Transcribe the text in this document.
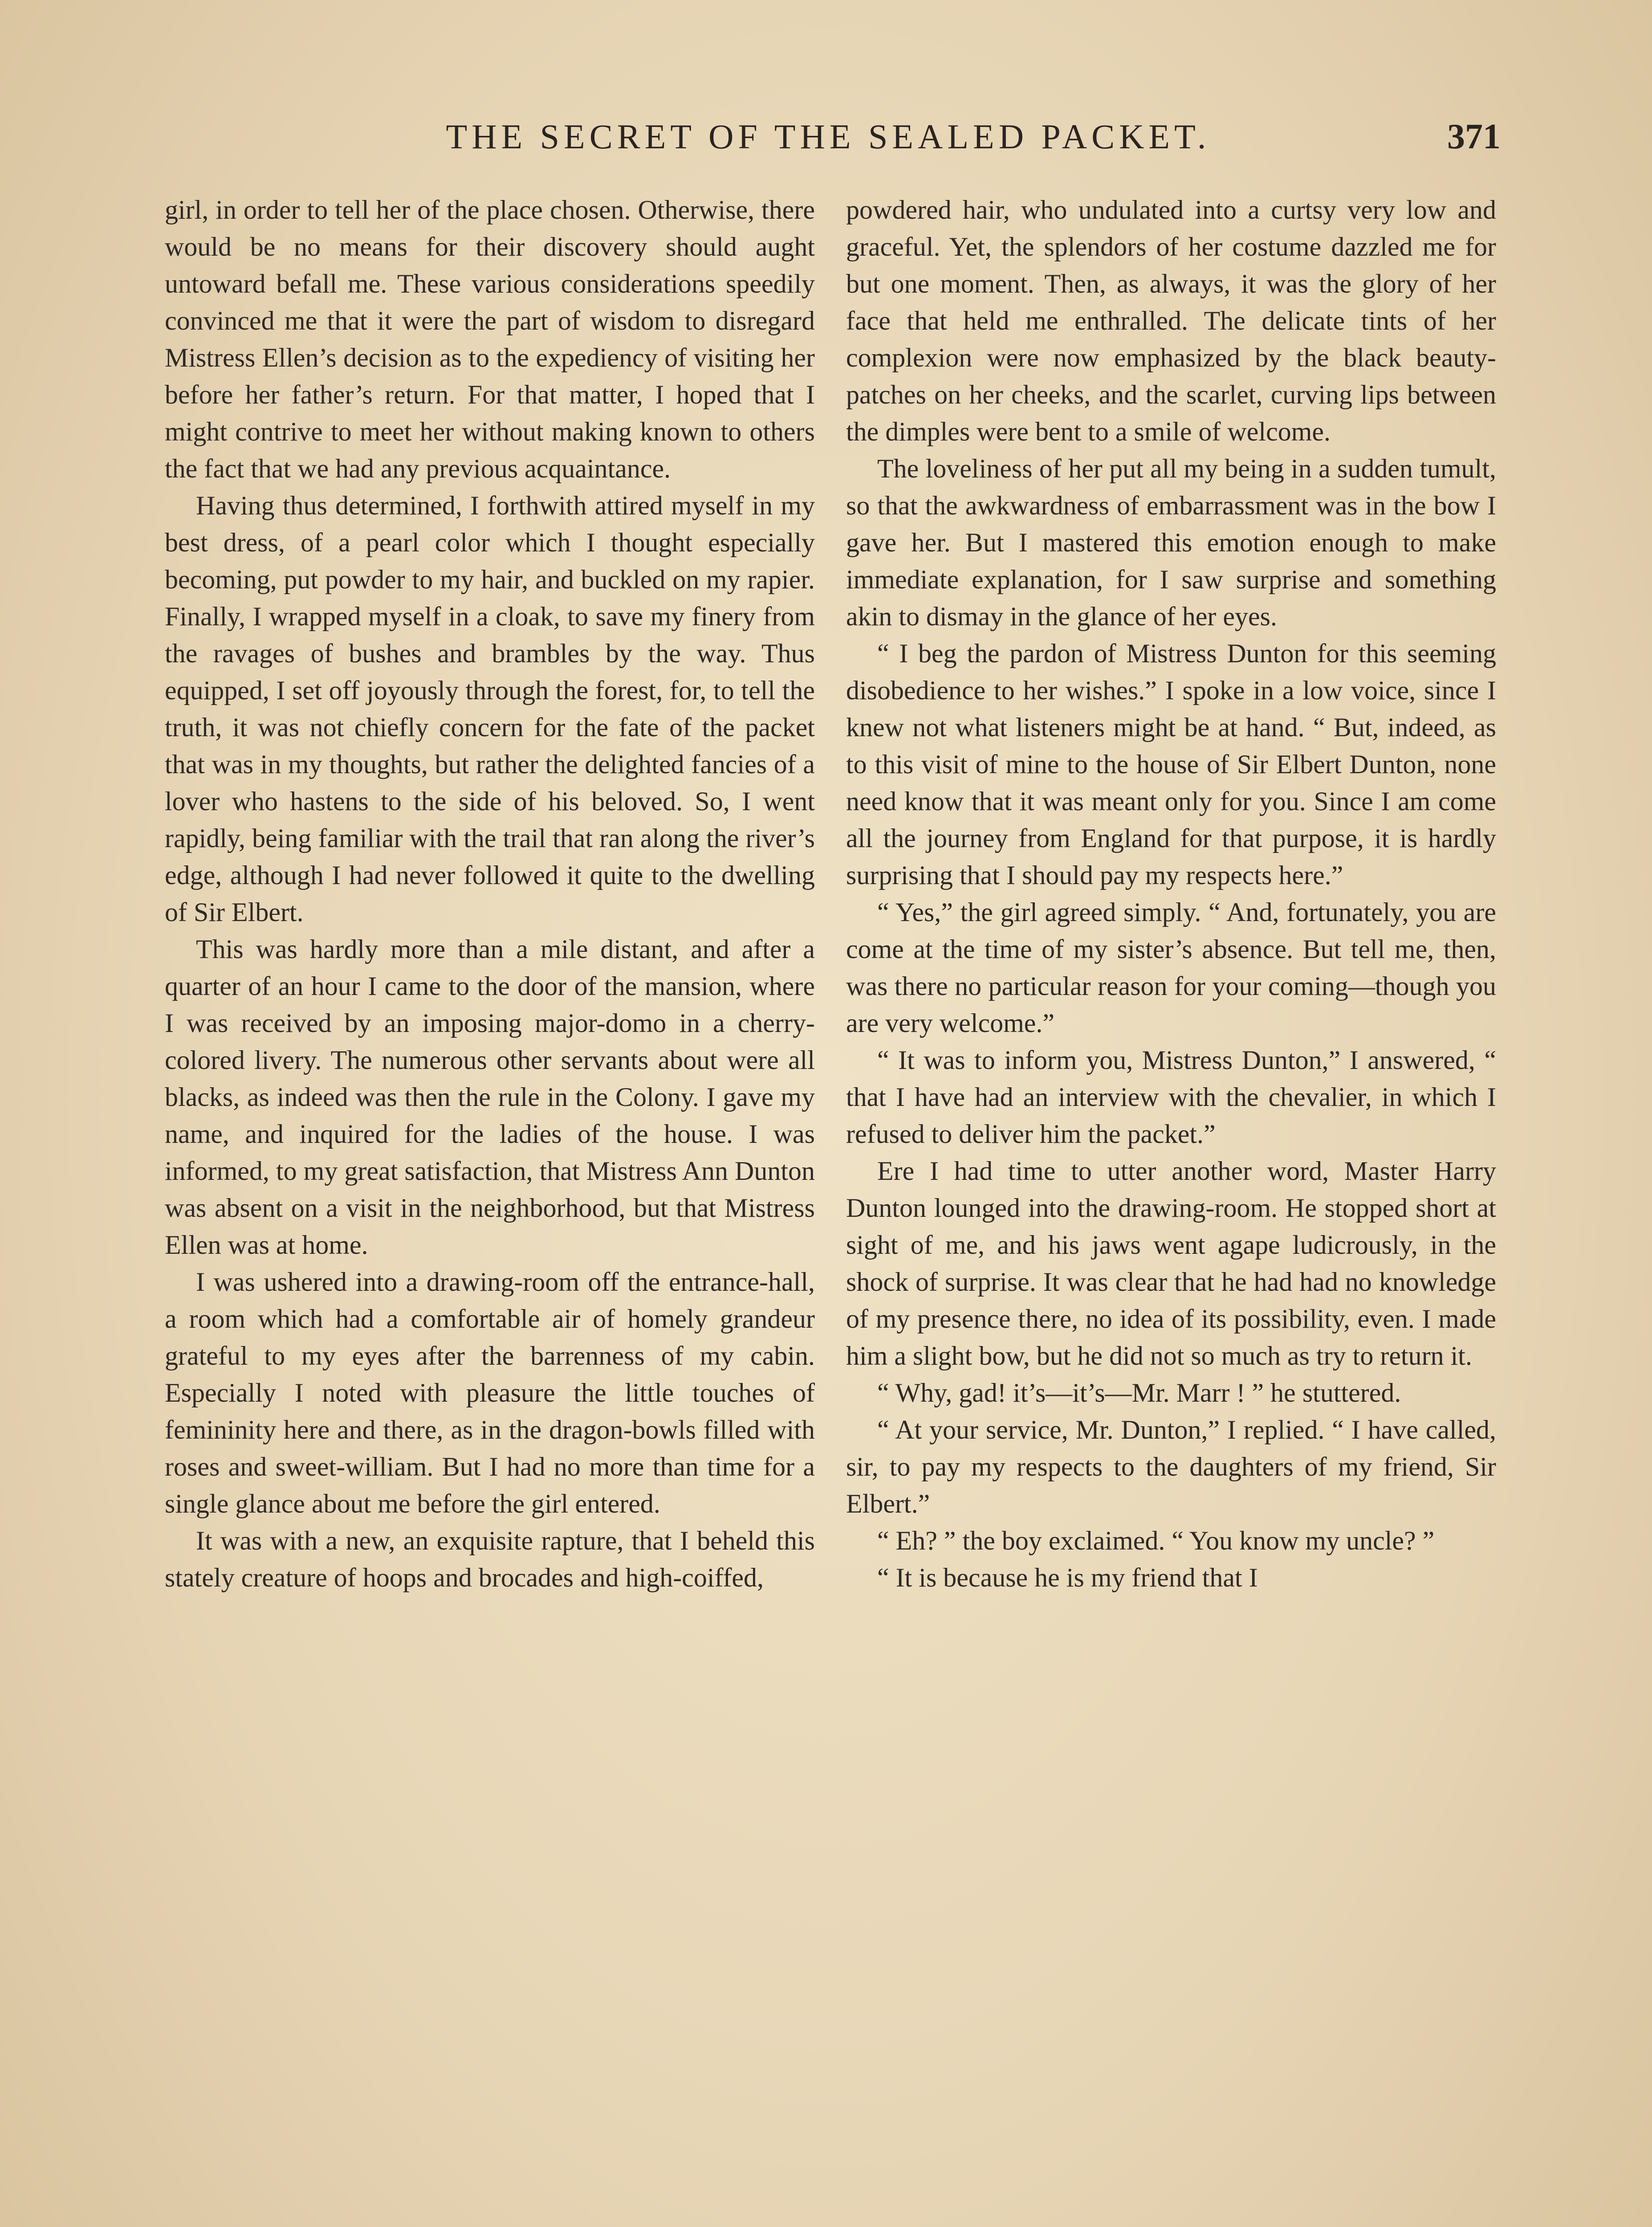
THE SECRET OF THE SEALED PACKET.	371

girl, in order to tell her of the place chosen. Otherwise, there would be no means for their discovery should aught untoward befall me. These various considerations speedily convinced me that it were the part of wisdom to disregard Mistress Ellen’s decision as to the expediency of visiting her before her father’s return. For that matter, I hoped that I might contrive to meet her without making known to others the fact that we had any previous acquaintance.

Having thus determined, I forthwith attired myself in my best dress, of a pearl color which I thought especially becoming, put powder to my hair, and buckled on my rapier. Finally, I wrapped myself in a cloak, to save my finery from the ravages of bushes and brambles by the way. Thus equipped, I set off joyously through the forest, for, to tell the truth, it was not chiefly concern for the fate of the packet that was in my thoughts, but rather the delighted fancies of a lover who hastens to the side of his beloved. So, I went rapidly, being familiar with the trail that ran along the river’s edge, although I had never followed it quite to the dwelling of Sir Elbert.

This was hardly more than a mile distant, and after a quarter of an hour I came to the door of the mansion, where I was received by an imposing major-domo in a cherry-colored livery. The numerous other servants about were all blacks, as indeed was then the rule in the Colony. I gave my name, and inquired for the ladies of the house. I was informed, to my great satisfaction, that Mistress Ann Dunton was absent on a visit in the neighborhood, but that Mistress Ellen was at home.

I was ushered into a drawing-room off the entrance-hall, a room which had a comfortable air of homely grandeur grateful to my eyes after the barrenness of my cabin. Especially I noted with pleasure the little touches of femininity here and there, as in the dragon-bowls filled with roses and sweet-william. But I had no more than time for a single glance about me before the girl entered.

It was with a new, an exquisite rapture, that I beheld this stately creature of hoops and brocades and high-coiffed,

powdered hair, who undulated into a curtsy very low and graceful. Yet, the splendors of her costume dazzled me for but one moment. Then, as always, it was the glory of her face that held me enthralled. The delicate tints of her complexion were now emphasized by the black beauty-patches on her cheeks, and the scarlet, curving lips between the dimples were bent to a smile of welcome.

The loveliness of her put all my being in a sudden tumult, so that the awkwardness of embarrassment was in the bow I gave her. But I mastered this emotion enough to make immediate explanation, for I saw surprise and something akin to dismay in the glance of her eyes.

“ I beg the pardon of Mistress Dunton for this seeming disobedience to her wishes.” I spoke in a low voice, since I knew not what listeners might be at hand. “ But, indeed, as to this visit of mine to the house of Sir Elbert Dunton, none need know that it was meant only for you. Since I am come all the journey from England for that purpose, it is hardly surprising that I should pay my respects here.”

“ Yes,” the girl agreed simply. “ And, fortunately, you are come at the time of my sister’s absence. But tell me, then, was there no particular reason for your coming—though you are very welcome.”

“ It was to inform you, Mistress Dunton,” I answered, “ that I have had an interview with the chevalier, in which I refused to deliver him the packet.”

Ere I had time to utter another word, Master Harry Dunton lounged into the drawing-room. He stopped short at sight of me, and his jaws went agape ludicrously, in the shock of surprise. It was clear that he had had no knowledge of my presence there, no idea of its possibility, even. I made him a slight bow, but he did not so much as try to return it.

“ Why, gad! it’s—it’s—Mr. Marr ! ” he stuttered.

“ At your service, Mr. Dunton,” I replied. “ I have called, sir, to pay my respects to the daughters of my friend, Sir Elbert.”

“ Eh? ” the boy exclaimed. “ You know my uncle? ”

“ It is because he is my friend that I
